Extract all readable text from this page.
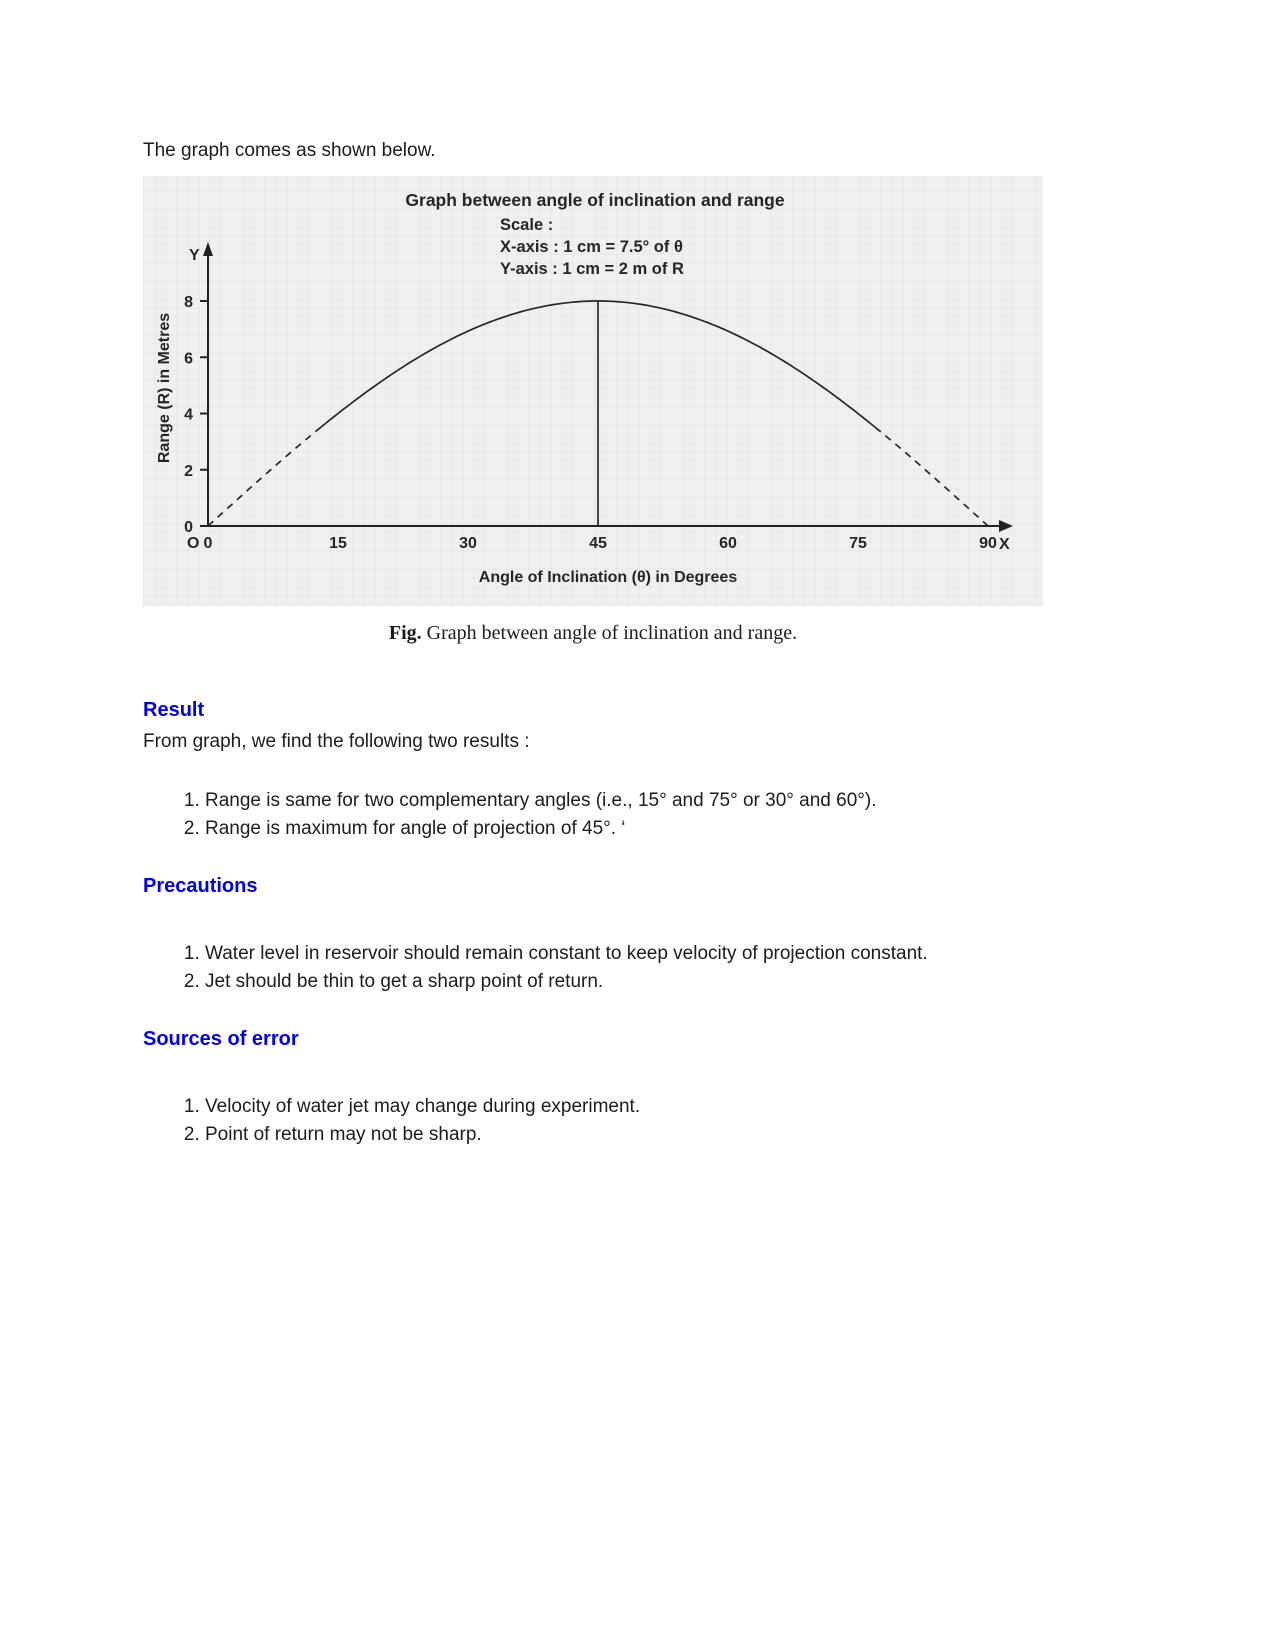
The graph comes as shown below.

Graph between angle of inclination and range
Scale :
X-axis : 1 cm = 7.5° of θ
Y-axis : 1 cm = 2 m of R
Y
X
O
Range (R) in Metres
Angle of Inclination (θ) in Degrees
0
2
4
6
8
0	15	30	45	60	75	90
Fig. Graph between angle of inclination and range.
Result

From graph, we find the following two results :

1. Range is same for two complementary angles (i.e., 15° and 75° or 30° and 60°).
2. Range is maximum for angle of projection of 45°. ‘
Precautions
1. Water level in reservoir should remain constant to keep velocity of projection constant.
2. Jet should be thin to get a sharp point of return.
Sources of error
1. Velocity of water jet may change during experiment.
2. Point of return may not be sharp.
